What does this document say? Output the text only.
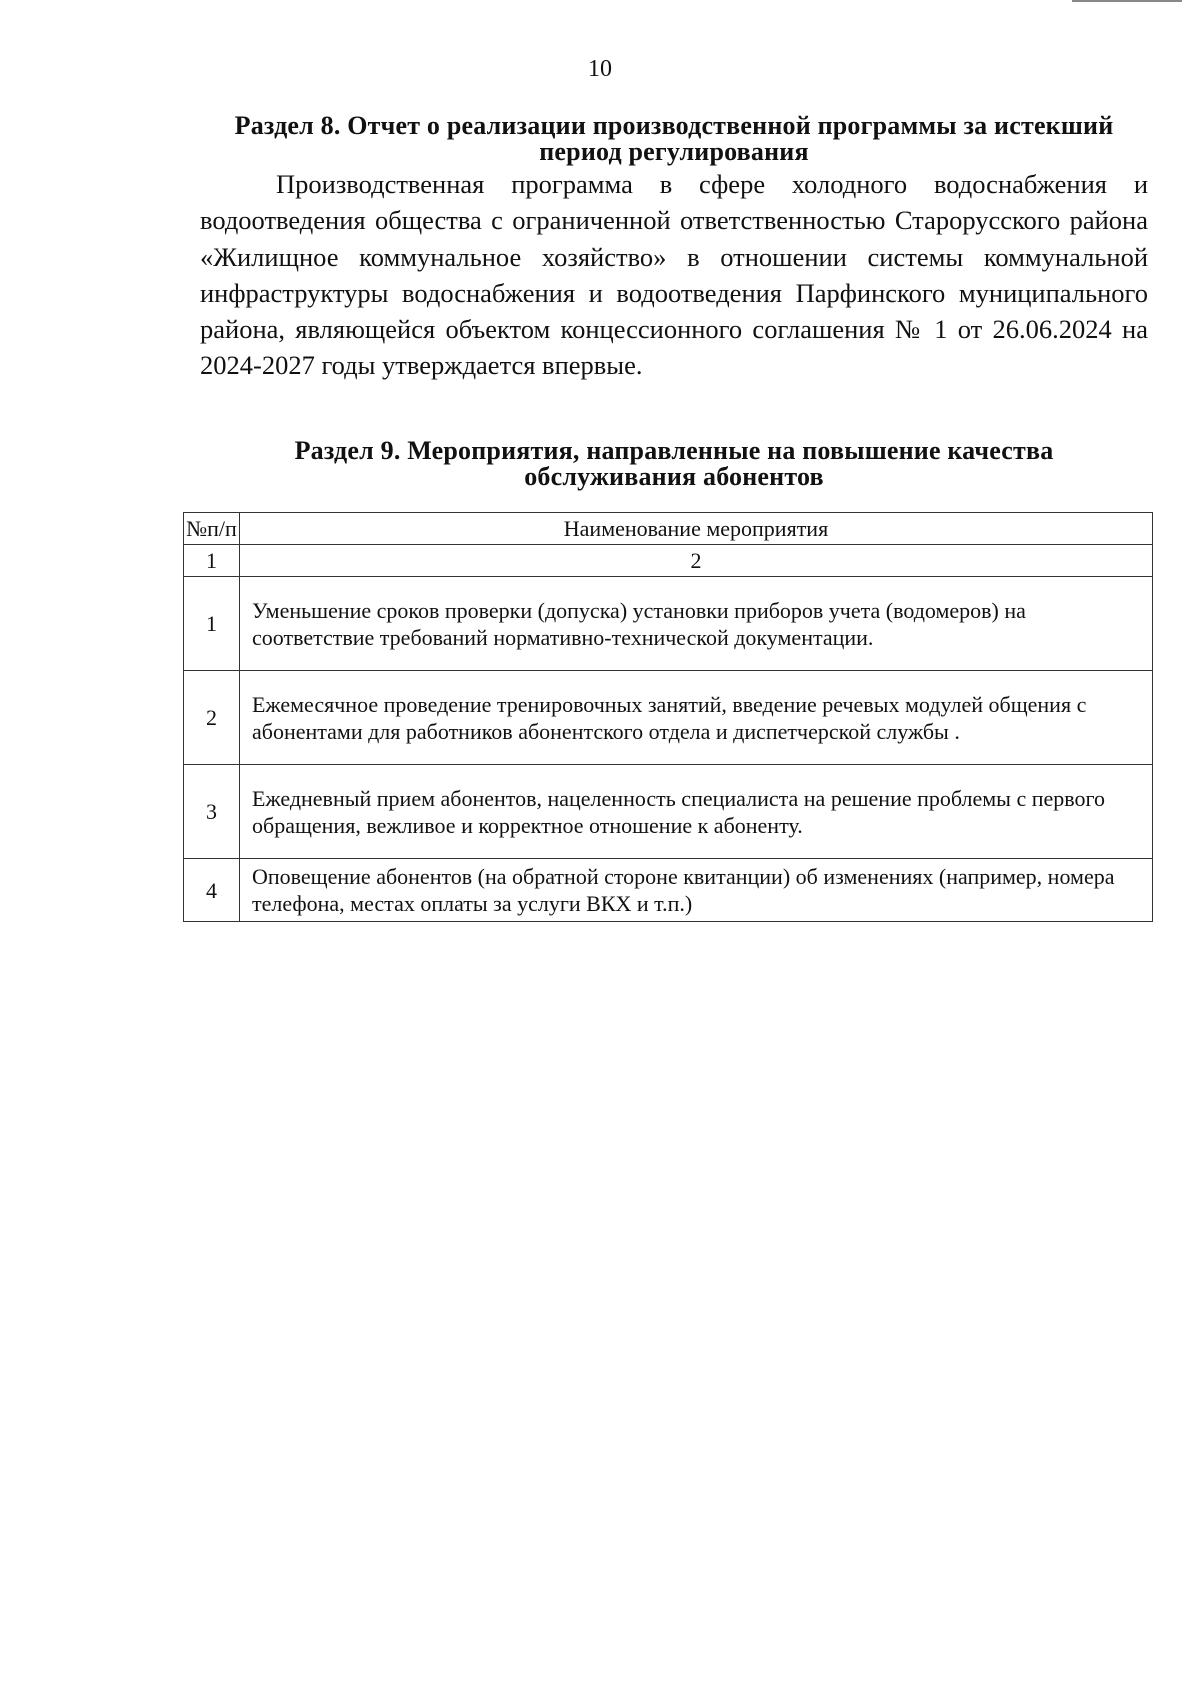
10
Раздел 8. Отчет о реализации производственной программы за истекший
период регулирования
Производственная программа в сфере холодного водоснабжения и водоотведения общества с ограниченной ответственностью Старорусского района «Жилищное коммунальное хозяйство» в отношении системы коммунальной инфраструктуры водоснабжения и водоотведения Парфинского муниципального района, являющейся объектом концессионного соглашения № 1 от 26.06.2024 на 2024-2027 годы утверждается впервые.
Раздел 9. Мероприятия, направленные на повышение качества
обслуживания абонентов
№п/п	Наименование мероприятия
1	2
1	Уменьшение сроков проверки (допуска) установки приборов учета (водомеров) на соответствие требований нормативно-технической документации.
2	Ежемесячное проведение тренировочных занятий, введение речевых модулей общения с абонентами для работников абонентского отдела и диспетчерской службы .
3	Ежедневный прием абонентов, нацеленность специалиста на решение проблемы с первого обращения, вежливое и корректное отношение к абоненту.
4	Оповещение абонентов (на обратной стороне квитанции) об изменениях (например, номера телефона, местах оплаты за услуги ВКХ и т.п.)
